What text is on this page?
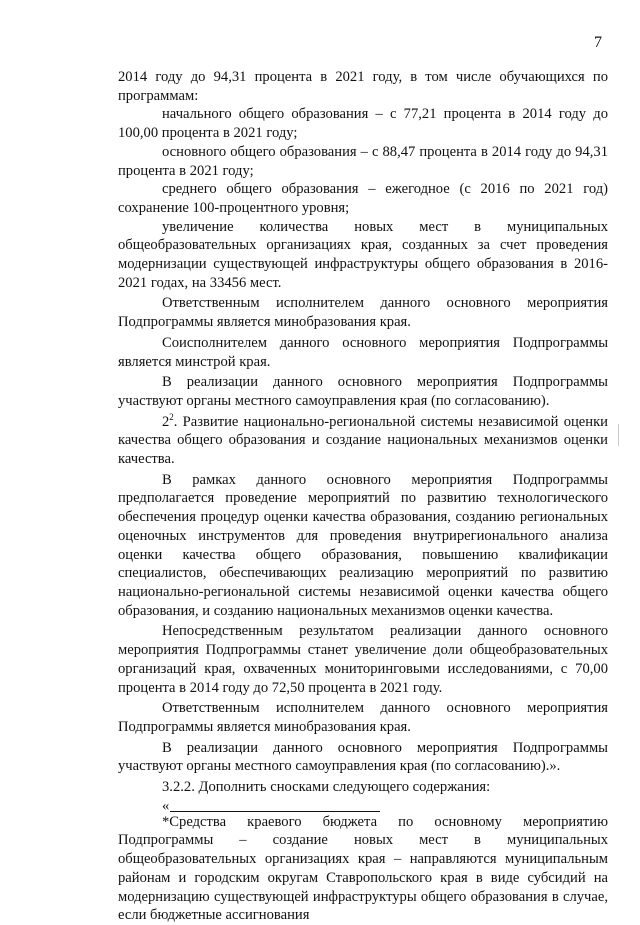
7

2014 году до 94,31 процента в 2021 году, в том числе обучающихся по программам:

начального общего образования – с 77,21 процента в 2014 году до 100,00 процента в 2021 году;

основного общего образования – с 88,47 процента в 2014 году до 94,31 процента в 2021 году;

среднего общего образования – ежегодное (с 2016 по 2021 год) сохранение 100-процентного уровня;

увеличение количества новых мест в муниципальных общеобразовательных организациях края, созданных за счет проведения модернизации существующей инфраструктуры общего образования в 2016-2021 годах, на 33456 мест.

Ответственным исполнителем данного основного мероприятия Подпрограммы является минобразования края.

Соисполнителем данного основного мероприятия Подпрограммы является минстрой края.

В реализации данного основного мероприятия Подпрограммы участвуют органы местного самоуправления края (по согласованию).

$2^2$. Развитие национально-региональной системы независимой оценки качества общего образования и создание национальных механизмов оценки качества.

В рамках данного основного мероприятия Подпрограммы предполагается проведение мероприятий по развитию технологического обеспечения процедур оценки качества образования, созданию региональных оценочных инструментов для проведения внутрирегионального анализа оценки качества общего образования, повышению квалификации специалистов, обеспечивающих реализацию мероприятий по развитию национально-региональной системы независимой оценки качества общего образования, и созданию национальных механизмов оценки качества.

Непосредственным результатом реализации данного основного мероприятия Подпрограммы станет увеличение доли общеобразовательных организаций края, охваченных мониторинговыми исследованиями, с 70,00 процента в 2014 году до 72,50 процента в 2021 году.

Ответственным исполнителем данного основного мероприятия Подпрограммы является минобразования края.

В реализации данного основного мероприятия Подпрограммы участвуют органы местного самоуправления края (по согласованию).».

3.2.2. Дополнить сносками следующего содержания:

«

*Средства краевого бюджета по основному мероприятию Подпрограммы – создание новых мест в муниципальных общеобразовательных организациях края – направляются муниципальным районам и городским округам Ставропольского края в виде субсидий на модернизацию существующей инфраструктуры общего образования в случае, если бюджетные ассигнования
